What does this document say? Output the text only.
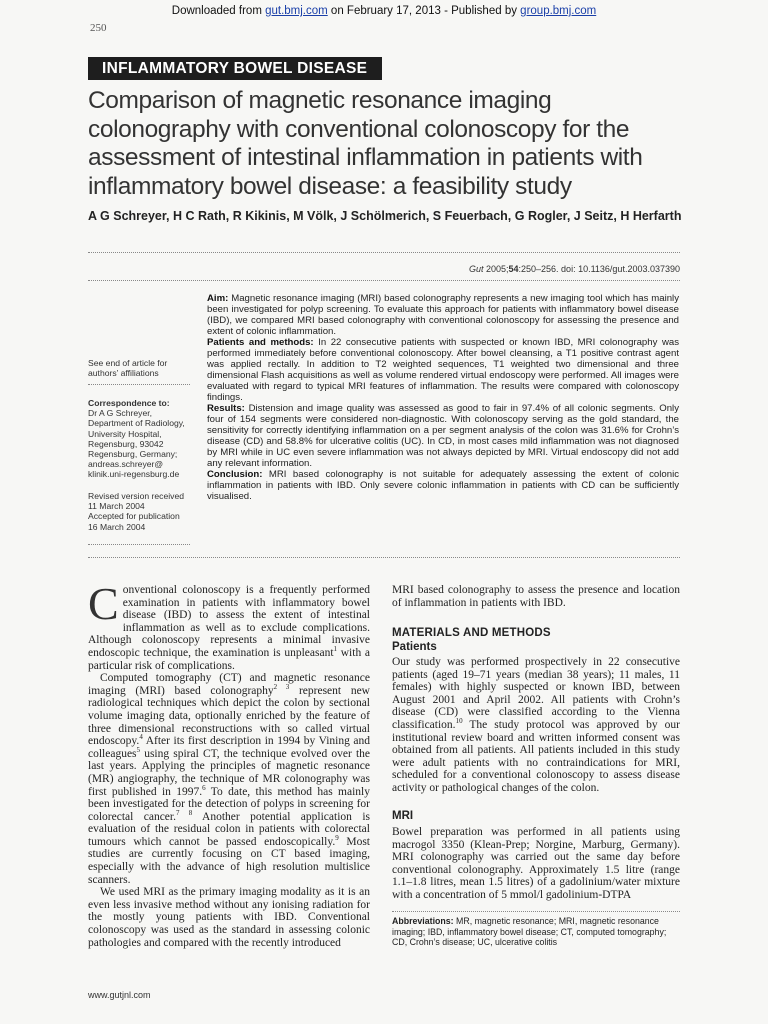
Downloaded from gut.bmj.com on February 17, 2013 - Published by group.bmj.com
250
INFLAMMATORY BOWEL DISEASE
Comparison of magnetic resonance imaging colonography with conventional colonoscopy for the assessment of intestinal inflammation in patients with inflammatory bowel disease: a feasibility study
A G Schreyer, H C Rath, R Kikinis, M Völk, J Schölmerich, S Feuerbach, G Rogler, J Seitz, H Herfarth
Gut 2005;54:250–256. doi: 10.1136/gut.2003.037390

Aim: Magnetic resonance imaging (MRI) based colonography represents a new imaging tool which has mainly been investigated for polyp screening. To evaluate this approach for patients with inflammatory bowel disease (IBD), we compared MRI based colonography with conventional colonoscopy for assessing the presence and extent of colonic inflammation.

Patients and methods: In 22 consecutive patients with suspected or known IBD, MRI colonography was performed immediately before conventional colonoscopy. After bowel cleansing, a T1 positive contrast agent was applied rectally. In addition to T2 weighted sequences, T1 weighted two dimensional and three dimensional Flash acquisitions as well as volume rendered virtual endoscopy were performed. All images were evaluated with regard to typical MRI features of inflammation. The results were compared with colonoscopy findings.

Results: Distension and image quality was assessed as good to fair in 97.4% of all colonic segments. Only four of 154 segments were considered non-diagnostic. With colonoscopy serving as the gold standard, the sensitivity for correctly identifying inflammation on a per segment analysis of the colon was 31.6% for Crohn’s disease (CD) and 58.8% for ulcerative colitis (UC). In CD, in most cases mild inflammation was not diagnosed by MRI while in UC even severe inflammation was not always depicted by MRI. Virtual endoscopy did not add any relevant information.

Conclusion: MRI based colonography is not suitable for adequately assessing the extent of colonic inflammation in patients with IBD. Only severe colonic inflammation in patients with CD can be sufficiently visualised.

See end of article for authors’ affiliations
Correspondence to:
Dr A G Schreyer, Department of Radiology, University Hospital, Regensburg, 93042 Regensburg, Germany; andreas.schreyer@ klinik.uni-regensburg.de
Revised version received
11 March 2004
Accepted for publication
16 March 2004

Conventional colonoscopy is a frequently performed examination in patients with inflammatory bowel disease (IBD) to assess the extent of intestinal inflammation as well as to exclude complications. Although colonoscopy represents a minimal invasive endoscopic technique, the examination is unpleasant$^1$ with a particular risk of complications.

Computed tomography (CT) and magnetic resonance imaging (MRI) based colonography$^{2 3}$ represent new radiological techniques which depict the colon by sectional volume imaging data, optionally enriched by the feature of three dimensional reconstructions with so called virtual endoscopy.$^4$ After its first description in 1994 by Vining and colleagues$^5$ using spiral CT, the technique evolved over the last years. Applying the principles of magnetic resonance (MR) angiography, the technique of MR colonography was first published in 1997.$^6$ To date, this method has mainly been investigated for the detection of polyps in screening for colorectal cancer.$^{7 8}$ Another potential application is evaluation of the residual colon in patients with colorectal tumours which cannot be passed endoscopically.$^9$ Most studies are currently focusing on CT based imaging, especially with the advance of high resolution multislice scanners.

We used MRI as the primary imaging modality as it is an even less invasive method without any ionising radiation for the mostly young patients with IBD. Conventional colonoscopy was used as the standard in assessing colonic pathologies and compared with the recently introduced

MRI based colonography to assess the presence and location of inflammation in patients with IBD.

MATERIALS AND METHODS
Patients

Our study was performed prospectively in 22 consecutive patients (aged 19–71 years (median 38 years); 11 males, 11 females) with highly suspected or known IBD, between August 2001 and April 2002. All patients with Crohn’s disease (CD) were classified according to the Vienna classification.$^{10}$ The study protocol was approved by our institutional review board and written informed consent was obtained from all patients. All patients included in this study were adult patients with no contraindications for MRI, scheduled for a conventional colonoscopy to assess disease activity or pathological changes of the colon.

MRI

Bowel preparation was performed in all patients using macrogol 3350 (Klean-Prep; Norgine, Marburg, Germany). MRI colonography was carried out the same day before conventional colonography. Approximately 1.5 litre (range 1.1–1.8 litres, mean 1.5 litres) of a gadolinium/water mixture with a concentration of 5 mmol/l gadolinium-DTPA

Abbreviations: MR, magnetic resonance; MRI, magnetic resonance imaging; IBD, inflammatory bowel disease; CT, computed tomography; CD, Crohn’s disease; UC, ulcerative colitis
www.gutjnl.com
